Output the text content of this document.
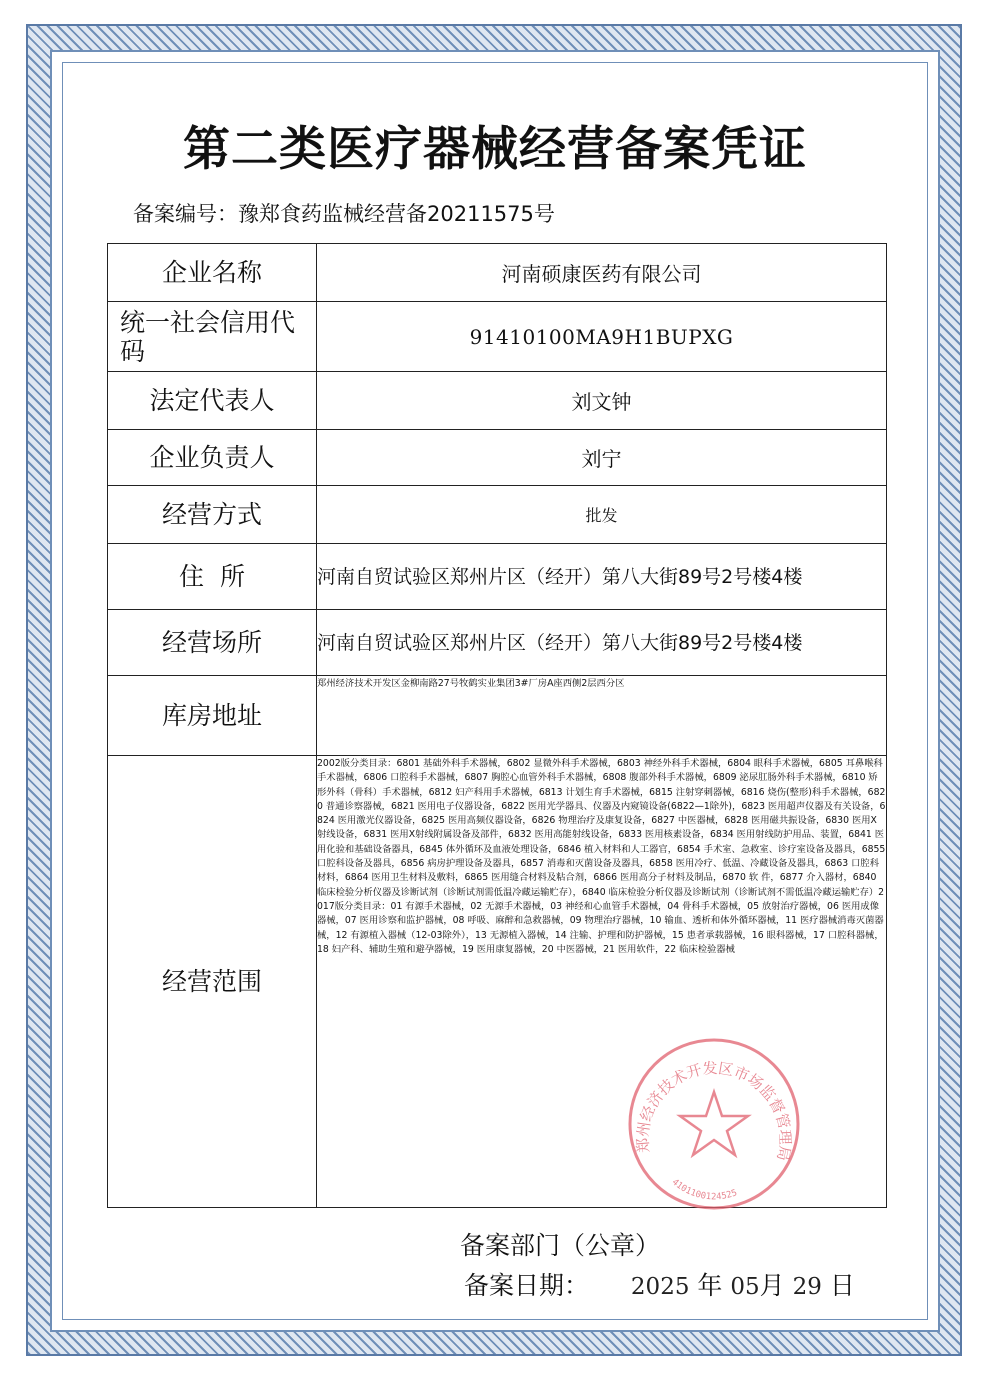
第二类医疗器械经营备案凭证
备案编号：豫郑食药监械经营备20211575号
企业名称	河南硕康医药有限公司
统一社会信用代码	91410100MA9H1BUPXG
法定代表人	刘文钟
企业负责人	刘宁
经营方式	批发
住  所	河南自贸试验区郑州片区（经开）第八大街89号2号楼4楼
经营场所	河南自贸试验区郑州片区（经开）第八大街89号2号楼4楼
库房地址	郑州经济技术开发区金柳南路27号牧鹤实业集团3#厂房A座西侧2层西分区
经营范围	2002版分类目录：6801 基础外科手术器械，6802 显微外科手术器械，6803 神经外科手术器械，6804 眼科手术器械，6805 耳鼻喉科手术器械，6806 口腔科手术器械，6807 胸腔心血管外科手术器械，6808 腹部外科手术器械，6809 泌尿肛肠外科手术器械，6810 矫形外科（骨科）手术器械，6812 妇产科用手术器械，6813 计划生育手术器械，6815 注射穿刺器械，6816 烧伤(整形)科手术器械，6820 普通诊察器械，6821 医用电子仪器设备，6822 医用光学器具、仪器及内窥镜设备(6822—1除外)，6823 医用超声仪器及有关设备，6824 医用激光仪器设备，6825 医用高频仪器设备，6826 物理治疗及康复设备，6827 中医器械，6828 医用磁共振设备，6830 医用X射线设备，6831 医用X射线附属设备及部件，6832 医用高能射线设备，6833 医用核素设备，6834 医用射线防护用品、装置，6841 医用化验和基础设备器具，6845 体外循环及血液处理设备，6846 植入材料和人工器官，6854 手术室、急救室、诊疗室设备及器具，6855 口腔科设备及器具，6856 病房护理设备及器具，6857 消毒和灭菌设备及器具，6858 医用冷疗、低温、冷藏设备及器具，6863 口腔科材料，6864 医用卫生材料及敷料，6865 医用缝合材料及粘合剂，6866 医用高分子材料及制品，6870 软 件，6877 介入器材，6840 临床检验分析仪器及诊断试剂（诊断试剂需低温冷藏运输贮存），6840 临床检验分析仪器及诊断试剂（诊断试剂不需低温冷藏运输贮存）2017版分类目录：01 有源手术器械，02 无源手术器械，03 神经和心血管手术器械，04 骨科手术器械，05 放射治疗器械，06 医用成像器械，07 医用诊察和监护器械，08 呼吸、麻醉和急救器械，09 物理治疗器械，10 输血、透析和体外循环器械，11 医疗器械消毒灭菌器械，12 有源植入器械（12-03除外），13 无源植入器械，14 注输、护理和防护器械，15 患者承载器械，16 眼科器械，17 口腔科器械，18 妇产科、辅助生殖和避孕器械，19 医用康复器械，20 中医器械，21 医用软件，22 临床检验器械
郑州经济技术开发区市场监督管理局
4101100124525
备案部门（公章）
备案日期： 2025 年 05月 29 日
